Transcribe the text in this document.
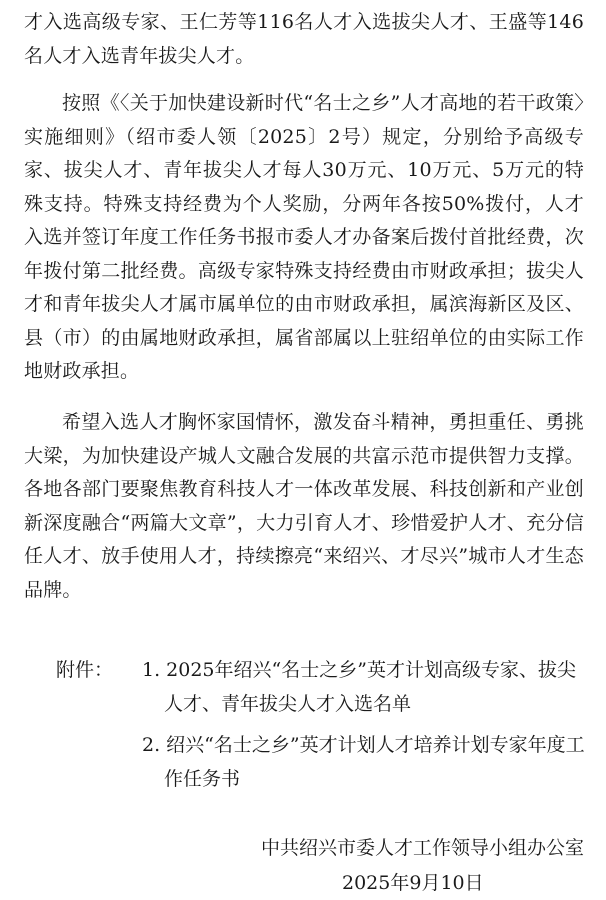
才入选高级专家、王仁芳等116名人才入选拔尖人才、王盛等146名人才入选青年拔尖人才。

按照《〈关于加快建设新时代“名士之乡”人才高地的若干政策〉实施细则》（绍市委人领〔2025〕2号）规定，分别给予高级专家、拔尖人才、青年拔尖人才每人30万元、10万元、5万元的特殊支持。特殊支持经费为个人奖励，分两年各按50%拨付，人才入选并签订年度工作任务书报市委人才办备案后拨付首批经费，次年拨付第二批经费。高级专家特殊支持经费由市财政承担；拔尖人才和青年拔尖人才属市属单位的由市财政承担，属滨海新区及区、县（市）的由属地财政承担，属省部属以上驻绍单位的由实际工作地财政承担。

希望入选人才胸怀家国情怀，激发奋斗精神，勇担重任、勇挑大梁，为加快建设产城人文融合发展的共富示范市提供智力支撑。各地各部门要聚焦教育科技人才一体改革发展、科技创新和产业创新深度融合“两篇大文章”，大力引育人才、珍惜爱护人才、充分信任人才、放手使用人才，持续擦亮“来绍兴、才尽兴”城市人才生态品牌。

附件：	1. 2025年绍兴“名士之乡”英才计划高级专家、拔尖人才、青年拔尖人才入选名单
2. 绍兴“名士之乡”英才计划人才培养计划专家年度工作任务书
中共绍兴市委人才工作领导小组办公室
2025年9月10日
